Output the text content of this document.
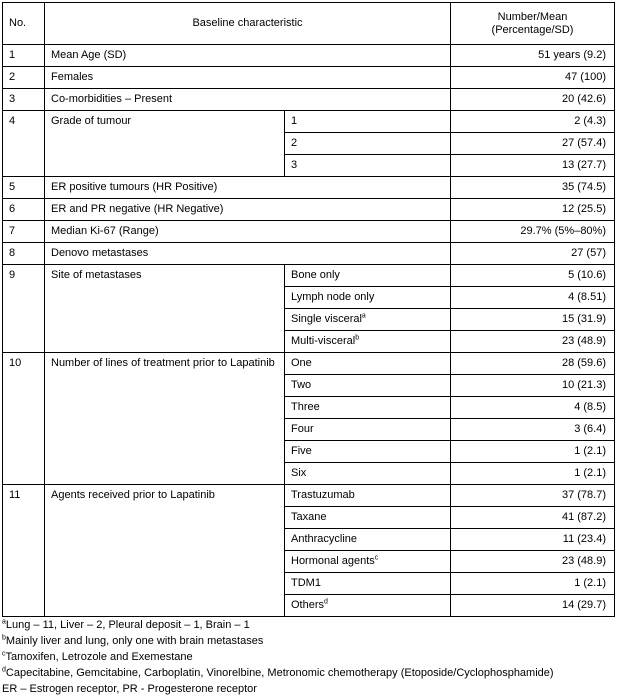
No.	Baseline characteristic		Number/Mean
(Percentage/SD)
1	Mean Age (SD)		51 years (9.2)
2	Females		47 (100)
3	Co-morbidities – Present		20 (42.6)
4	Grade of tumour	1	2 (4.3)
		2	27 (57.4)
		3	13 (27.7)
5	ER positive tumours (HR Positive)		35 (74.5)
6	ER and PR negative (HR Negative)		12 (25.5)
7	Median Ki-67 (Range)		29.7% (5%–80%)
8	Denovo metastases		27 (57)
9	Site of metastases	Bone only	5 (10.6)
		Lymph node only	4 (8.51)
		Single visceral$^a$	15 (31.9)
		Multi-visceral$^b$	23 (48.9)
10	Number of lines of treatment prior to Lapatinib	One	28 (59.6)
		Two	10 (21.3)
		Three	4 (8.5)
		Four	3 (6.4)
		Five	1 (2.1)
		Six	1 (2.1)
11	Agents received prior to Lapatinib	Trastuzumab	37 (78.7)
		Taxane	41 (87.2)
		Anthracycline	11 (23.4)
		Hormonal agents$^c$	23 (48.9)
		TDM1	1 (2.1)
		Others$^d$	14 (29.7)
$^a$Lung – 11, Liver – 2, Pleural deposit – 1, Brain – 1
$^b$Mainly liver and lung, only one with brain metastases
$^c$Tamoxifen, Letrozole and Exemestane
$^d$Capecitabine, Gemcitabine, Carboplatin, Vinorelbine, Metronomic chemotherapy (Etoposide/Cyclophosphamide)
ER – Estrogen receptor, PR - Progesterone receptor
